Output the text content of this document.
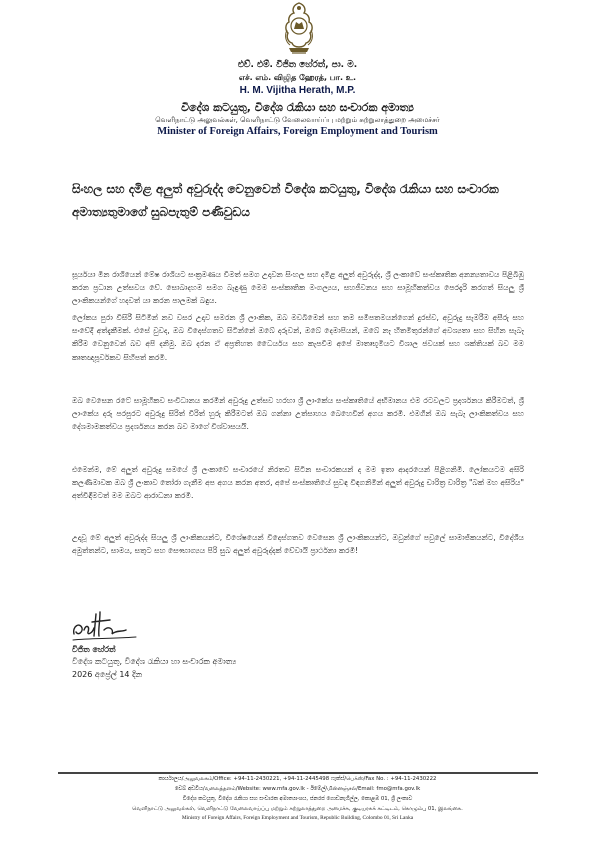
එච්. එම්. විජිත හේරත්, පා. ම.
எச். எம். விஜித ஹேரத், பா. உ.
H. M. Vijitha Herath, M.P.
විදේශ කටයුතු, විදේශ රැකියා සහ සංචාරක අමාත්‍ය
வெளிநாட்டு அலுவல்கள், வெளிநாட்டு வேலைவாய்ப்பு மற்றும் சுற்றுலாத்துறை அமைச்சர்
Minister of Foreign Affairs, Foreign Employment and Tourism
සිංහල සහ දමිළ අලුත් අවුරුද්ද වෙනුවෙන් විදේශ කටයුතු, විදේශ රැකියා සහ සංචාරක අමාත්‍යතුමාගේ සුබපැතුම් පණිවුඩය
සූර්යයා මීන රාශියෙන් මේෂ රාශියට සංක්‍රමණය වීමත් සමග උදාවන සිංහල සහ දමිළ අලුත් අවුරුද්ද, ශ්‍රී ලංකාවේ සංස්කෘතික අනන්‍යතාවය පිළිබිඹු කරන ප්‍රධාන උත්සවය වේ. සොබාදහම සමග බැඳුණු මෙම සංස්කෘතික මංගල්‍යය, සහජීවනය සහ සාමූහිකත්වය පෙරදැරි කරගත් සියලු ශ්‍රී ලාංකිකයන්ගේ හදවත් යා කරන පාලමක් බඳුය.
ලෝකය පුරා විසිරී සිටිමින් නව වසර උදාව සමරන ශ්‍රී ලාංකික, ඔබ මවබිමෙන් සහ තම සමීපතමයන්ගෙන් දුරස්ව, අවුරුදු සැමරීම අසීරු සහ සංවේදී අත්දැකීමක්. එසේ වුවද, ඔබ විදෙස්ගතව සිටින්නේ ඔබේ දරුවන්, ඔබේ දෙමාපියන්, ඔබේ නෑ හිතමිතුරන්ගේ අවශ්‍යතා සහ සිහින සැබෑ කිරීම වෙනුවෙන් බව අපි දනිමු. ඔබ දරන ඒ අප්‍රතිහත ධෛර්යය සහ කැපවීම අපේ මාතෘභූමියට විශාල ජවයක් සහ ශක්තියක් බව මම කෘතඥපූර්වකව සිහිපත් කරමි.
ඔබ වෙසෙන රටේ සාමූහිකව සංවිධානය කරමින් අවුරුදු උත්සව හරහා ශ්‍රී ලාංකේය සංස්කෘතියේ අභිමානය එම රටවලට ප්‍රදර්ශනය කිරීමටත්, ශ්‍රී ලාංකේය දරු පරපුරට අවුරුදු සිරිත් විරිත් හුරු කිරීමටත් ඔබ ගන්නා උත්සාහය බෙහෙවින් අගය කරමි. එමගින් ඔබ සැබෑ ලාංකිකත්වය සහ දේශමාමකත්වය ප්‍රදර්ශනය කරන බව මාගේ විශ්වාසයයි.
එමෙන්ම, මේ අලුත් අවුරුදු සමයේ ශ්‍රී ලංකාවේ සංචාරයේ නිරතව සිටින සංචාරකයන් ද මම ඉතා ආදරයෙන් පිළිගනිමි. ලෝකයටම අසිරි කලණිමාවක ඔබ ශ්‍රී ලංකාව තෝරා ගැනීම අප අගය කරන අතර, අපේ සංස්කෘතියේ සුවඳ විඳගනිමින් අලුත් අවුරුදු චාරිත්‍ර වාරිත්‍ර "බක් මහ අසිරිය" අත්විඳීමටත් මම ඔබට ආරාධනා කරමි.
උදාවූ මේ අලුත් අවුරුද්ද සියලු ශ්‍රී ලාංකිකයන්ට, විශේෂයෙන් විදෙස්ගතව වෙසෙන ශ්‍රී ලාංකිකයන්ට, ඔවුන්ගේ පවුලේ සාමාජිකයන්ට, විදේශීය අමුත්තන්ට, සාමය, සතුට සහ සෞභාග්‍යය පිරි සුබ අලුත් අවුරුද්දක් වේවායි ප්‍රාර්ථනා කරමි!
විජිත හේරත්
විදේශ කටයුතු, විදේශ රැකියා හා සංචාරක අමාත්‍ය
2026 අප්‍රේල් 14 දින
කාර්යාලය/அலுவலகம்/Office: +94-11-2430221, +94-11-2445498 ෆැක්ස්/பெக்ஸ்/Fax No. : +94-11-2430222
වෙබ් අඩවිය/வலைத்தளம்/Website: www.mfa.gov.lk - ඊමේල්/மின்னஞ்சல்/Email: fmo@mfa.gov.lk
විදේශ කටයුතු, විදේශ රැකියා සහ සංචාරක අමාත්‍යාංශය, ජනරජ ගොඩනැගිල්ල, කොළඹ 01, ශ්‍රී ලංකාව
வெளிநாட்டு அலுவல்கள், வெளிநாட்டு வேலைவாய்ப்பு மற்றும் சுற்றுலாத்துறை அமைச்சு, குடியரசுக் கட்டிடம், கொழும்பு 01, இலங்கை.
Ministry of Foreign Affairs, Foreign Employment and Tourism, Republic Building, Colombo 01, Sri Lanka
